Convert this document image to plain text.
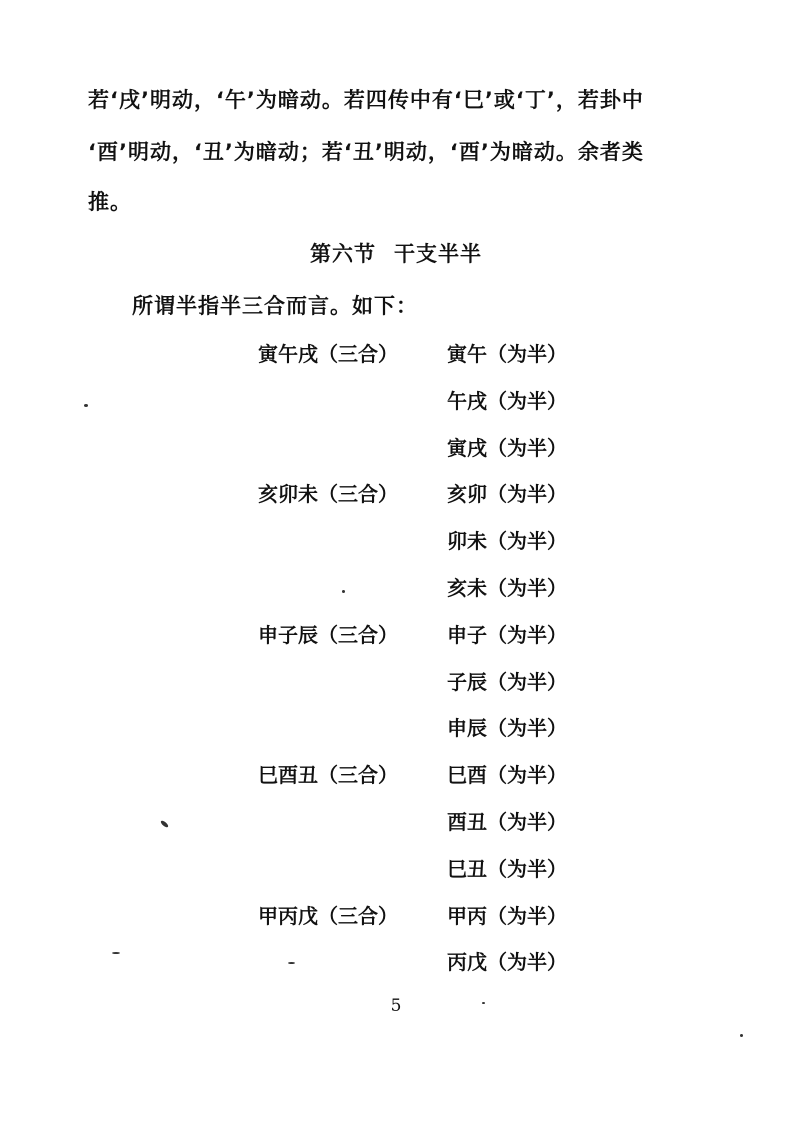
若‘戌’明动，‘午’为暗动。若四传中有‘巳’或‘丁’，若卦中
‘酉’明动，‘丑’为暗动；若‘丑’明动，‘酉’为暗动。余者类
推。
第六节 干支半半
所谓半指半三合而言。如下：
寅午戌（三合） 寅午（为半）
午戌（为半）
寅戌（为半）
亥卯未（三合） 亥卯（为半）
卯未（为半）
亥未（为半）
申子辰（三合） 申子（为半）
子辰（为半）
申辰（为半）
巳酉丑（三合） 巳酉（为半）
酉丑（为半）
巳丑（为半）
甲丙戊（三合） 甲丙（为半）
丙戊（为半）
5
